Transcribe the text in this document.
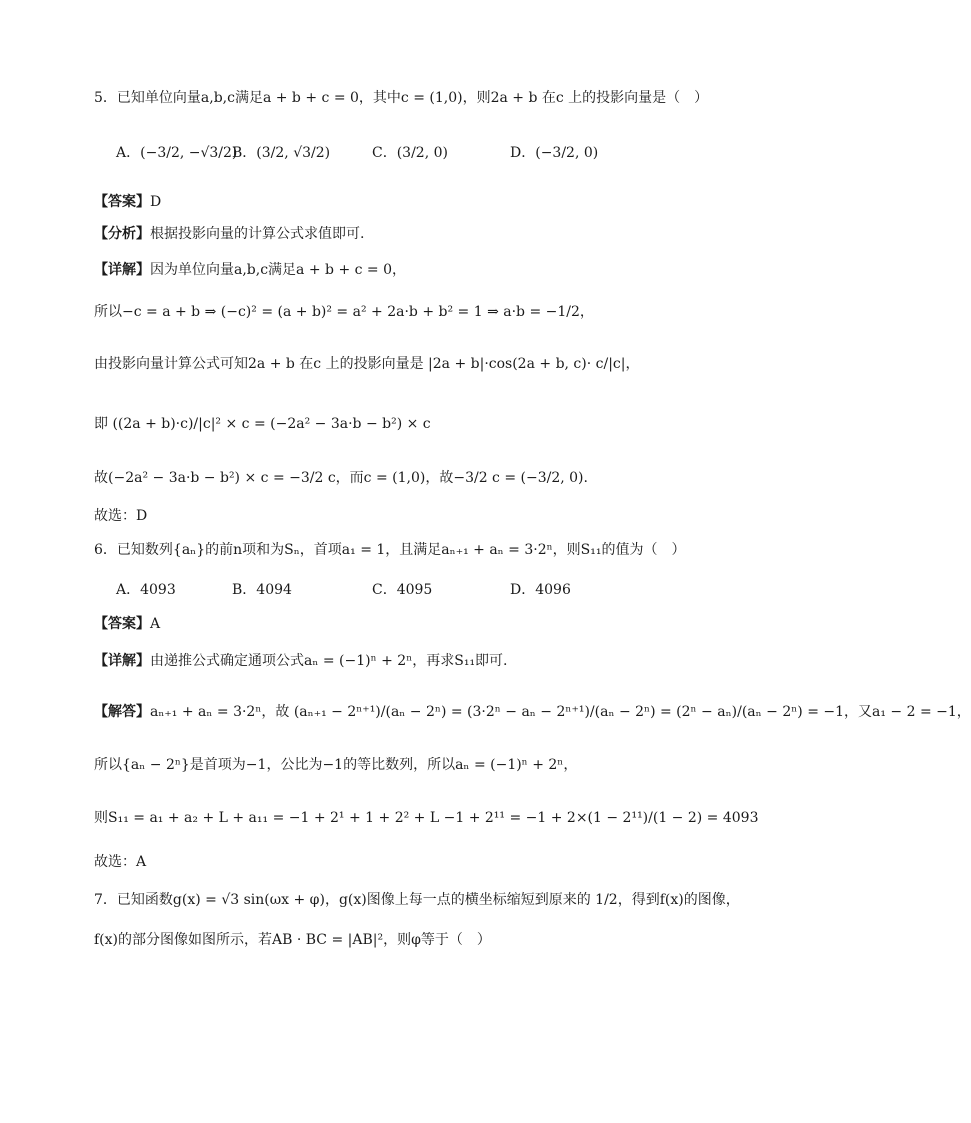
5．已知单位向量a,b,c满足a + b + c = 0，其中c = (1,0)，则2a + b 在c 上的投影向量是（　）
A．(−3/2, −√3/2)
B．(3/2, √3/2)	C．(3/2, 0)	D．(−3/2, 0)
【答案】D
【分析】根据投影向量的计算公式求值即可.
【详解】因为单位向量a,b,c满足a + b + c = 0，
所以−c = a + b ⇒ (−c)² = (a + b)² = a² + 2a·b + b² = 1 ⇒ a·b = −1/2，
由投影向量计算公式可知2a + b 在c 上的投影向量是 |2a + b|·cos(2a + b, c)· c/|c|，
即 ((2a + b)·c)/|c|² × c = (−2a² − 3a·b − b²) × c
故(−2a² − 3a·b − b²) × c = −3/2 c，而c = (1,0)，故−3/2 c = (−3/2, 0).
故选：D
6．已知数列{aₙ}的前n项和为Sₙ，首项a₁ = 1，且满足aₙ₊₁ + aₙ = 3·2ⁿ，则S₁₁的值为（　）
A．4093	B．4094	C．4095	D．4096
【答案】A
【详解】由递推公式确定通项公式aₙ = (−1)ⁿ + 2ⁿ，再求S₁₁即可.
【解答】aₙ₊₁ + aₙ = 3·2ⁿ，故 (aₙ₊₁ − 2ⁿ⁺¹)/(aₙ − 2ⁿ) = (3·2ⁿ − aₙ − 2ⁿ⁺¹)/(aₙ − 2ⁿ) = (2ⁿ − aₙ)/(aₙ − 2ⁿ) = −1，又a₁ − 2 = −1，
所以{aₙ − 2ⁿ}是首项为−1，公比为−1的等比数列，所以aₙ = (−1)ⁿ + 2ⁿ，
则S₁₁ = a₁ + a₂ + L + a₁₁ = −1 + 2¹ + 1 + 2² + L −1 + 2¹¹ = −1 + 2×(1 − 2¹¹)/(1 − 2) = 4093
故选：A
7．已知函数g(x) = √3 sin(ωx + φ)，g(x)图像上每一点的横坐标缩短到原来的 1/2，得到f(x)的图像，
f(x)的部分图像如图所示，若AB · BC = |AB|²，则φ等于（　）
